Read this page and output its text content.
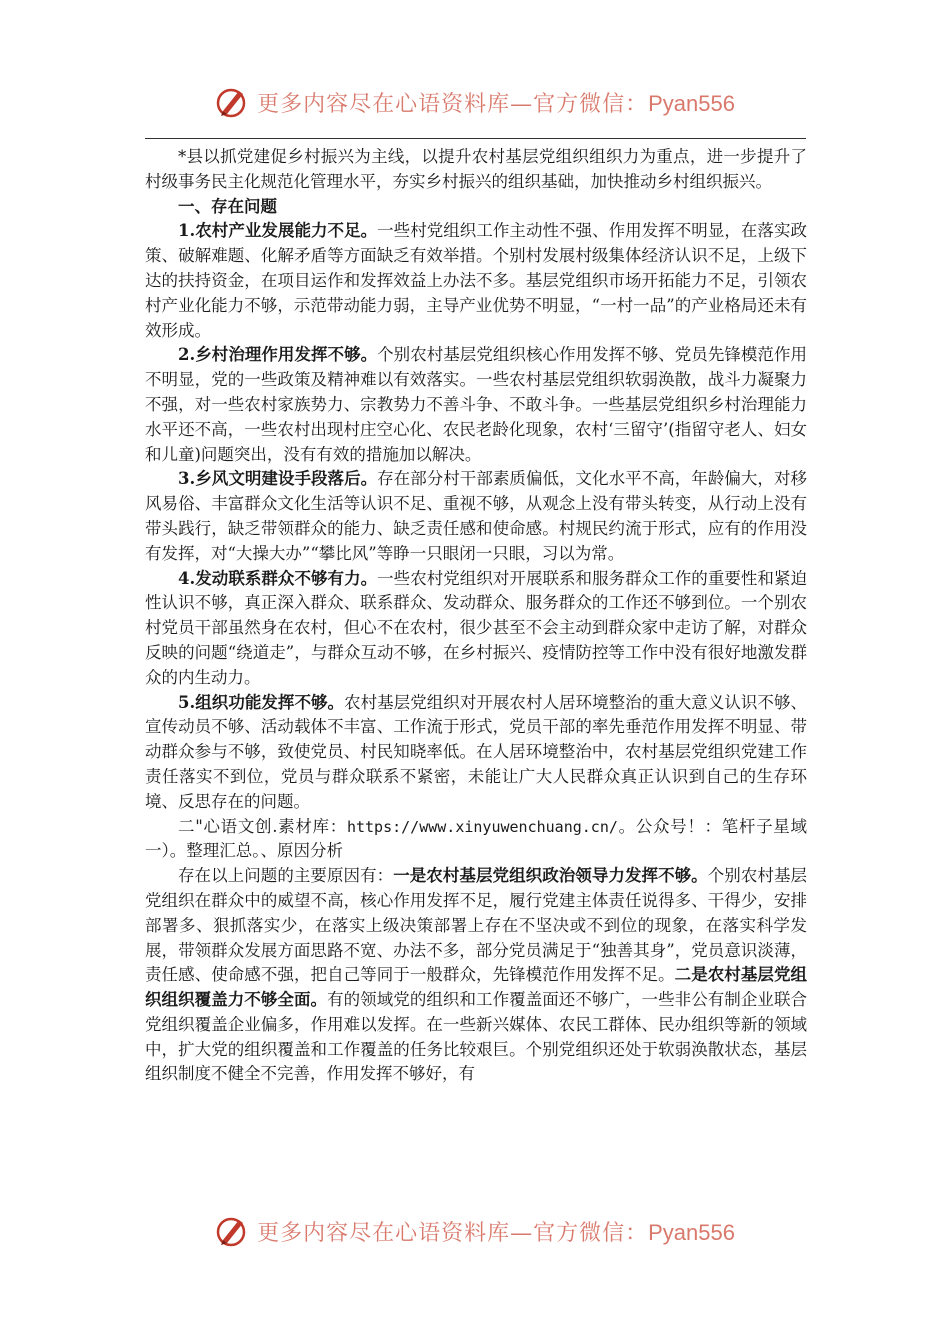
更多内容尽在心语资料库—官方微信：Pyan556

*县以抓党建促乡村振兴为主线，以提升农村基层党组织组织力为重点，进一步提升了村级事务民主化规范化管理水平，夯实乡村振兴的组织基础，加快推动乡村组织振兴。

一、存在问题

1.农村产业发展能力不足。一些村党组织工作主动性不强、作用发挥不明显，在落实政策、破解难题、化解矛盾等方面缺乏有效举措。个别村发展村级集体经济认识不足，上级下达的扶持资金，在项目运作和发挥效益上办法不多。基层党组织市场开拓能力不足，引领农村产业化能力不够，示范带动能力弱，主导产业优势不明显，“一村一品”的产业格局还未有效形成。

2.乡村治理作用发挥不够。个别农村基层党组织核心作用发挥不够、党员先锋模范作用不明显，党的一些政策及精神难以有效落实。一些农村基层党组织软弱涣散，战斗力凝聚力不强，对一些农村家族势力、宗教势力不善斗争、不敢斗争。一些基层党组织乡村治理能力水平还不高，一些农村出现村庄空心化、农民老龄化现象，农村‘三留守’(指留守老人、妇女和儿童)问题突出，没有有效的措施加以解决。

3.乡风文明建设手段落后。存在部分村干部素质偏低，文化水平不高，年龄偏大，对移风易俗、丰富群众文化生活等认识不足、重视不够，从观念上没有带头转变，从行动上没有带头践行，缺乏带领群众的能力、缺乏责任感和使命感。村规民约流于形式，应有的作用没有发挥，对“大操大办”“攀比风”等睁一只眼闭一只眼，习以为常。

4.发动联系群众不够有力。一些农村党组织对开展联系和服务群众工作的重要性和紧迫性认识不够，真正深入群众、联系群众、发动群众、服务群众的工作还不够到位。一个别农村党员干部虽然身在农村，但心不在农村，很少甚至不会主动到群众家中走访了解，对群众反映的问题“绕道走”，与群众互动不够，在乡村振兴、疫情防控等工作中没有很好地激发群众的内生动力。

5.组织功能发挥不够。农村基层党组织对开展农村人居环境整治的重大意义认识不够、宣传动员不够、活动载体不丰富、工作流于形式，党员干部的率先垂范作用发挥不明显、带动群众参与不够，致使党员、村民知晓率低。在人居环境整治中，农村基层党组织党建工作责任落实不到位，党员与群众联系不紧密，未能让广大人民群众真正认识到自己的生存环境、反思存在的问题。

二"心语文创.素材库：https://www.xinyuwenchuang.cn/。公众号！：笔杆子星域一）。整理汇总。、原因分析

存在以上问题的主要原因有：一是农村基层党组织政治领导力发挥不够。个别农村基层党组织在群众中的威望不高，核心作用发挥不足，履行党建主体责任说得多、干得少，安排部署多、狠抓落实少，在落实上级决策部署上存在不坚决或不到位的现象，在落实科学发展，带领群众发展方面思路不宽、办法不多，部分党员满足于“独善其身”，党员意识淡薄，责任感、使命感不强，把自己等同于一般群众，先锋模范作用发挥不足。二是农村基层党组织组织覆盖力不够全面。有的领域党的组织和工作覆盖面还不够广，一些非公有制企业联合党组织覆盖企业偏多，作用难以发挥。在一些新兴媒体、农民工群体、民办组织等新的领域中，扩大党的组织覆盖和工作覆盖的任务比较艰巨。个别党组织还处于软弱涣散状态，基层组织制度不健全不完善，作用发挥不够好，有

更多内容尽在心语资料库—官方微信：Pyan556
